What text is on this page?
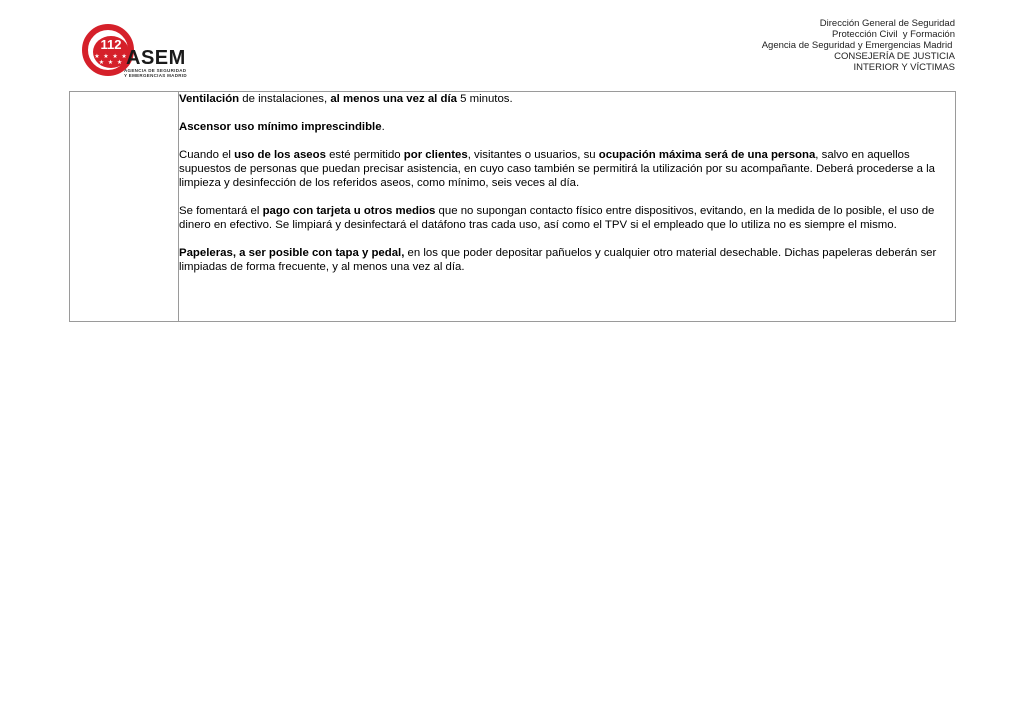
112
★ ★ ★ ★ ★ ★ ★ ASEM
AGENCIA DE SEGURIDAD
Y EMERGENCIAS MADRID
Dirección General de Seguridad
Protección Civil  y Formación
Agencia de Seguridad y Emergencias Madrid
CONSEJERÍA DE JUSTICIA
INTERIOR Y VÍCTIMAS

Ventilación de instalaciones, al menos una vez al día 5 minutos.

Ascensor uso mínimo imprescindible.

Cuando el uso de los aseos esté permitido por clientes, visitantes o usuarios, su ocupación máxima será de una persona, salvo en aquellos supuestos de personas que puedan precisar asistencia, en cuyo caso también se permitirá la utilización por su acompañante. Deberá procederse a la limpieza y desinfección de los referidos aseos, como mínimo, seis veces al día.

Se fomentará el pago con tarjeta u otros medios que no supongan contacto físico entre dispositivos, evitando, en la medida de lo posible, el uso de dinero en efectivo. Se limpiará y desinfectará el datáfono tras cada uso, así como el TPV si el empleado que lo utiliza no es siempre el mismo.

Papeleras, a ser posible con tapa y pedal, en los que poder depositar pañuelos y cualquier otro material desechable. Dichas papeleras deberán ser limpiadas de forma frecuente, y al menos una vez al día.
